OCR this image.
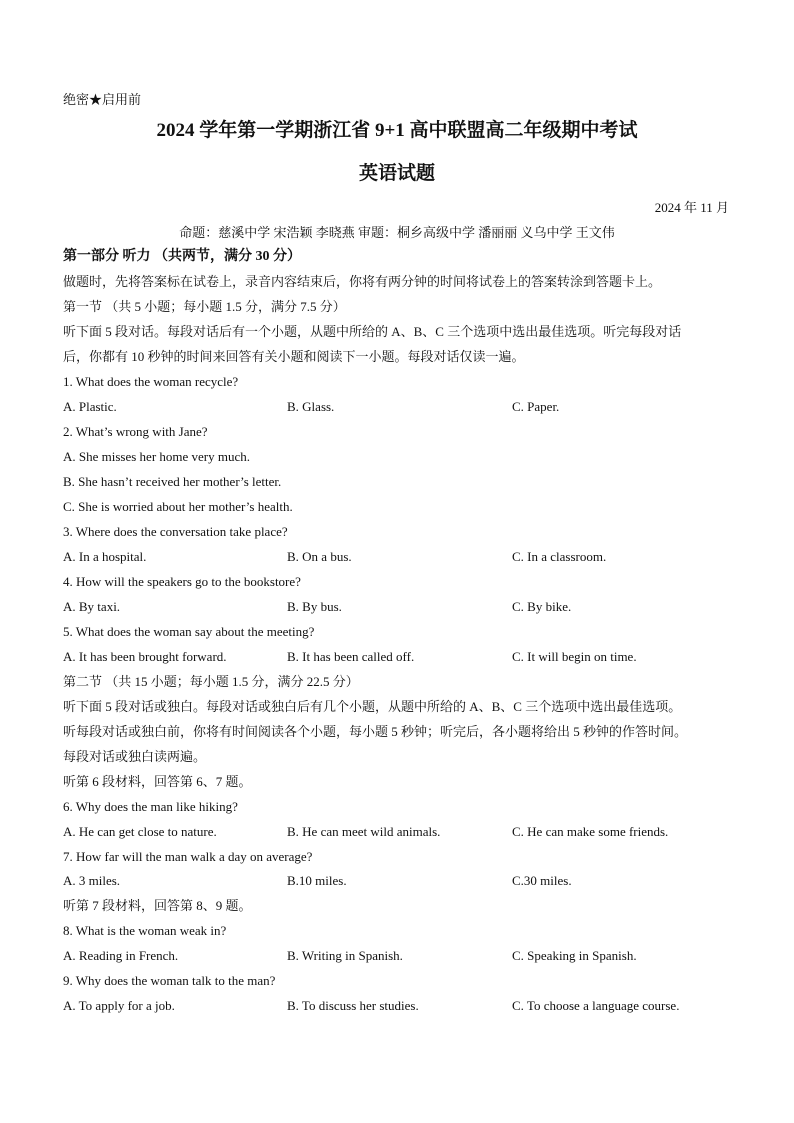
绝密★启用前
2024 学年第一学期浙江省 9+1 高中联盟高二年级期中考试
英语试题
2024 年 11 月
命题：慈溪中学 宋浩颖 李晓燕 审题：桐乡高级中学 潘丽丽 义乌中学 王文伟
第一部分 听力 （共两节，满分 30 分）
做题时，先将答案标在试卷上，录音内容结束后，你将有两分钟的时间将试卷上的答案转涂到答题卡上。
第一节 （共 5 小题；每小题 1.5 分，满分 7.5 分）
听下面 5 段对话。每段对话后有一个小题，从题中所给的 A、B、C 三个选项中选出最佳选项。听完每段对话
后，你都有 10 秒钟的时间来回答有关小题和阅读下一小题。每段对话仅读一遍。
1. What does the woman recycle?
A. Plastic.	B. Glass.	C. Paper.
2. What’s wrong with Jane?
A. She misses her home very much.
B. She hasn’t received her mother’s letter.
C. She is worried about her mother’s health.
3. Where does the conversation take place?
A. In a hospital.	B. On a bus.	C. In a classroom.
4. How will the speakers go to the bookstore?
A. By taxi.	B. By bus.	C. By bike.
5. What does the woman say about the meeting?
A. It has been brought forward.	B. It has been called off.	C. It will begin on time.
第二节 （共 15 小题；每小题 1.5 分，满分 22.5 分）
听下面 5 段对话或独白。每段对话或独白后有几个小题，从题中所给的 A、B、C 三个选项中选出最佳选项。
听每段对话或独白前，你将有时间阅读各个小题，每小题 5 秒钟；听完后，各小题将给出 5 秒钟的作答时间。
每段对话或独白读两遍。
听第 6 段材料，回答第 6、7 题。
6. Why does the man like hiking?
A. He can get close to nature.	B. He can meet wild animals.	C. He can make some friends.
7. How far will the man walk a day on average?
A. 3 miles.	B.10 miles.	C.30 miles.
听第 7 段材料，回答第 8、9 题。
8. What is the woman weak in?
A. Reading in French.	B. Writing in Spanish.	C. Speaking in Spanish.
9. Why does the woman talk to the man?
A. To apply for a job.	B. To discuss her studies.	C. To choose a language course.
